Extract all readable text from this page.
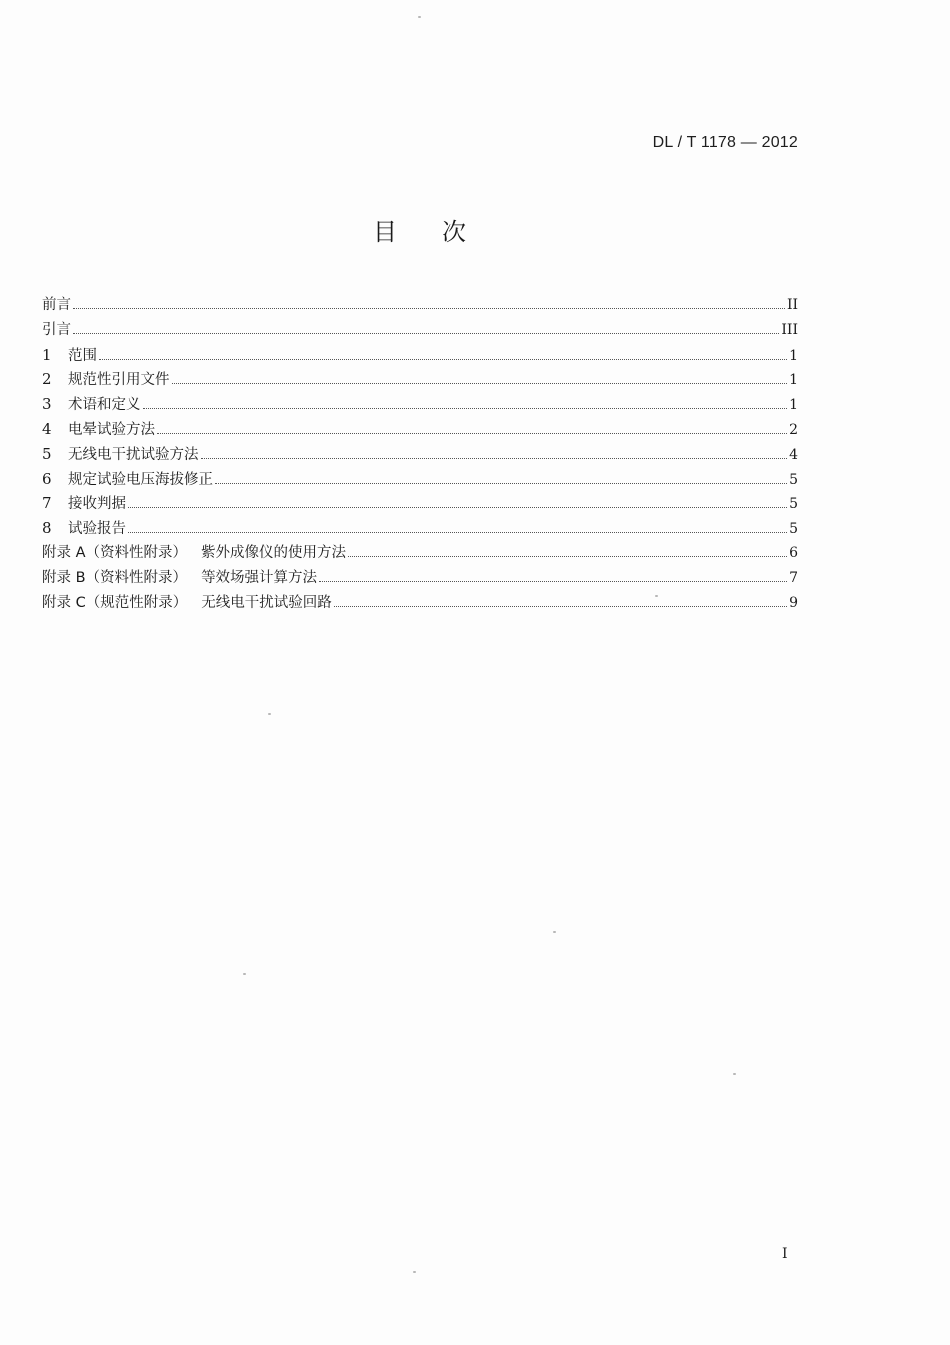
DL / T 1178 — 2012
目 次
前言	II
引言	III
1	范围	1
2	规范性引用文件	1
3	术语和定义	1
4	电晕试验方法	2
5	无线电干扰试验方法	4
6	规定试验电压海拔修正	5
7	接收判据	5
8	试验报告	5
附录 A（资料性附录） 紫外成像仪的使用方法	6
附录 B（资料性附录） 等效场强计算方法	7
附录 C（规范性附录） 无线电干扰试验回路	9
I
